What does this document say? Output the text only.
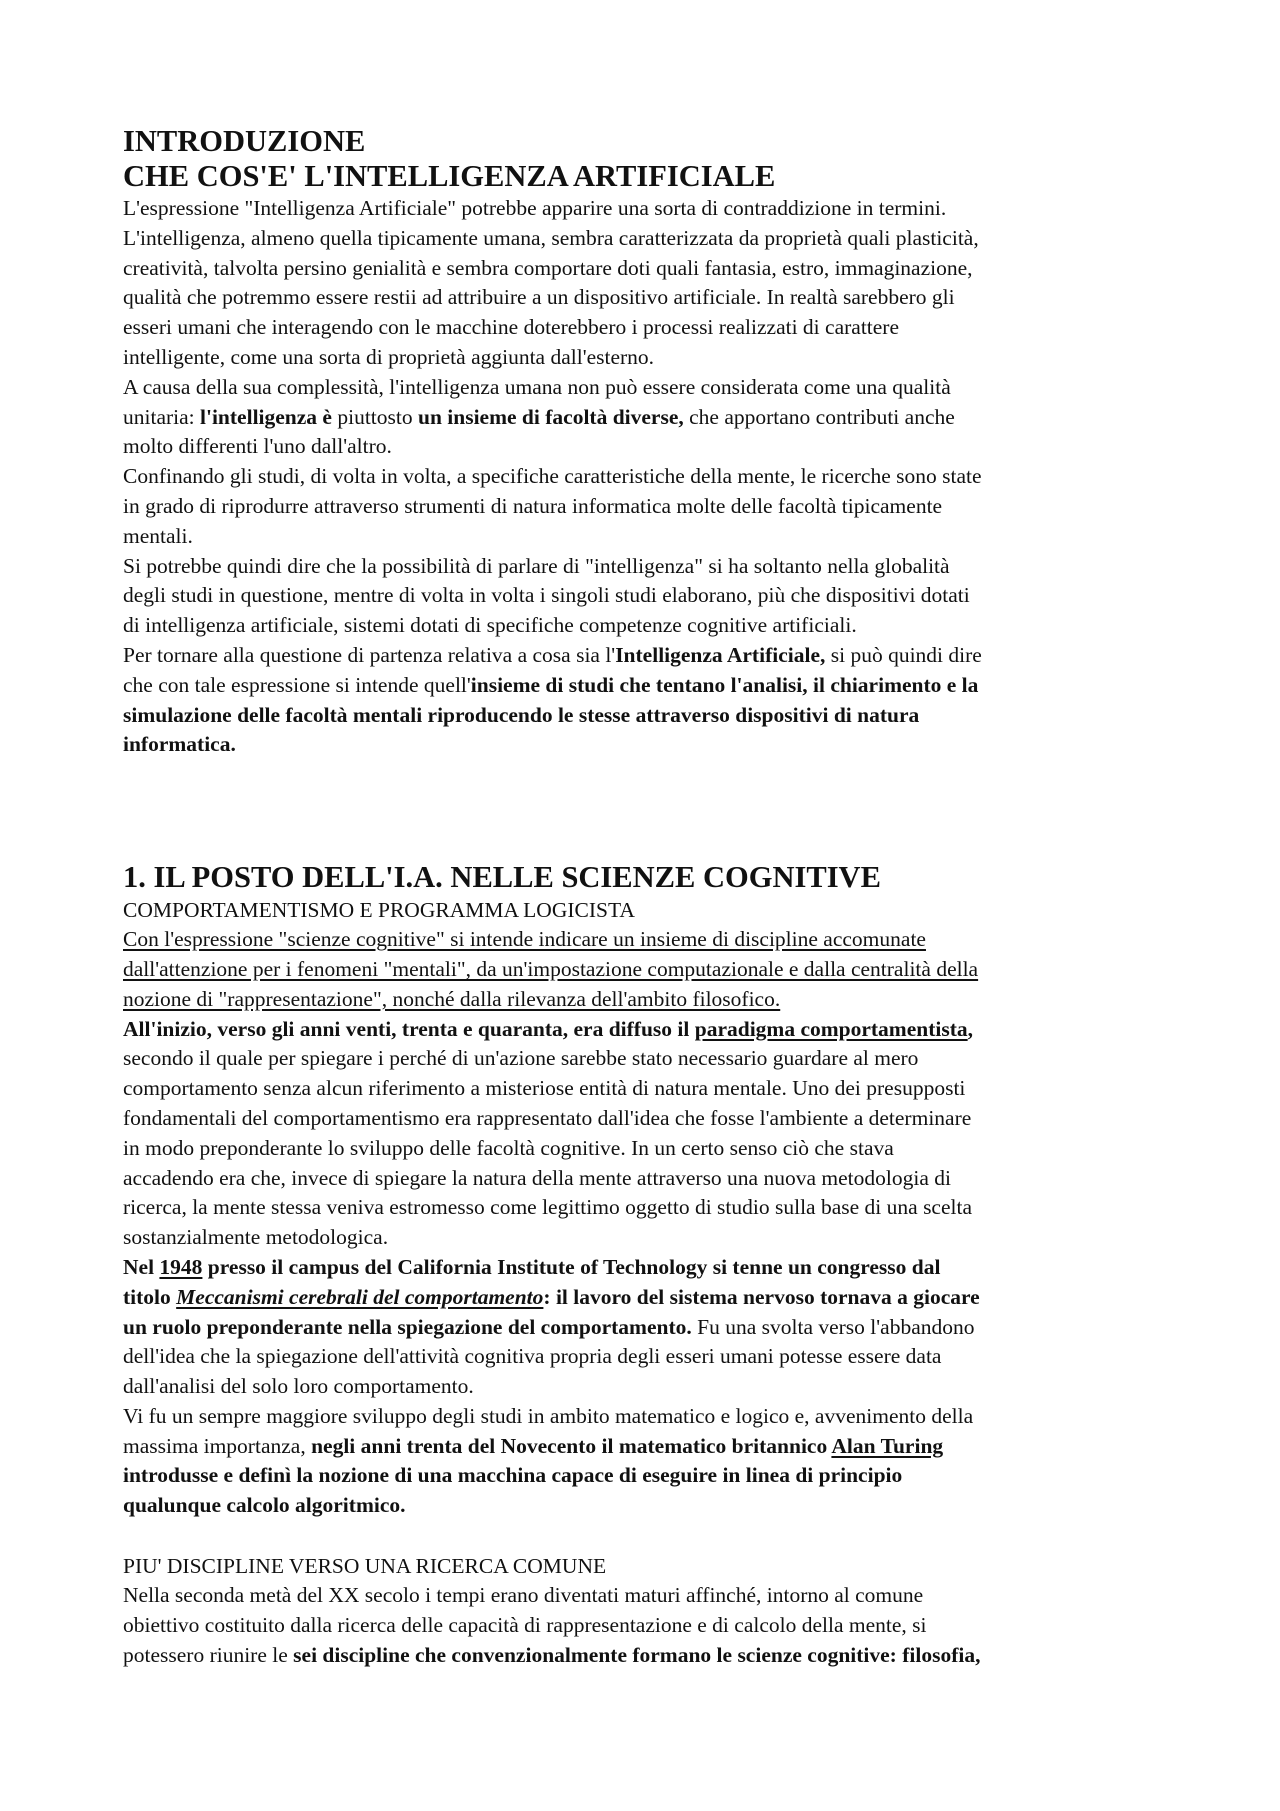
INTRODUZIONE
CHE COS'E' L'INTELLIGENZA ARTIFICIALE

L'espressione "Intelligenza Artificiale" potrebbe apparire una sorta di contraddizione in termini.
L'intelligenza, almeno quella tipicamente umana, sembra caratterizzata da proprietà quali plasticità,
creatività, talvolta persino genialità e sembra comportare doti quali fantasia, estro, immaginazione,
qualità che potremmo essere restii ad attribuire a un dispositivo artificiale. In realtà sarebbero gli
esseri umani che interagendo con le macchine doterebbero i processi realizzati di carattere
intelligente, come una sorta di proprietà aggiunta dall'esterno.

A causa della sua complessità, l'intelligenza umana non può essere considerata come una qualità
unitaria: l'intelligenza è piuttosto un insieme di facoltà diverse, che apportano contributi anche
molto differenti l'uno dall'altro.

Confinando gli studi, di volta in volta, a specifiche caratteristiche della mente, le ricerche sono state
in grado di riprodurre attraverso strumenti di natura informatica molte delle facoltà tipicamente
mentali.

Si potrebbe quindi dire che la possibilità di parlare di "intelligenza" si ha soltanto nella globalità
degli studi in questione, mentre di volta in volta i singoli studi elaborano, più che dispositivi dotati
di intelligenza artificiale, sistemi dotati di specifiche competenze cognitive artificiali.

Per tornare alla questione di partenza relativa a cosa sia l'Intelligenza Artificiale, si può quindi dire
che con tale espressione si intende quell'insieme di studi che tentano l'analisi, il chiarimento e la
simulazione delle facoltà mentali riproducendo le stesse attraverso dispositivi di natura
informatica.

1. IL POSTO DELL'I.A. NELLE SCIENZE COGNITIVE
COMPORTAMENTISMO E PROGRAMMA LOGICISTA

Con l'espressione "scienze cognitive" si intende indicare un insieme di discipline accomunate
dall'attenzione per i fenomeni "mentali", da un'impostazione computazionale e dalla centralità della
nozione di "rappresentazione", nonché dalla rilevanza dell'ambito filosofico.

All'inizio, verso gli anni venti, trenta e quaranta, era diffuso il paradigma comportamentista,
secondo il quale per spiegare i perché di un'azione sarebbe stato necessario guardare al mero
comportamento senza alcun riferimento a misteriose entità di natura mentale. Uno dei presupposti
fondamentali del comportamentismo era rappresentato dall'idea che fosse l'ambiente a determinare
in modo preponderante lo sviluppo delle facoltà cognitive. In un certo senso ciò che stava
accadendo era che, invece di spiegare la natura della mente attraverso una nuova metodologia di
ricerca, la mente stessa veniva estromesso come legittimo oggetto di studio sulla base di una scelta
sostanzialmente metodologica.

Nel 1948 presso il campus del California Institute of Technology si tenne un congresso dal
titolo Meccanismi cerebrali del comportamento: il lavoro del sistema nervoso tornava a giocare
un ruolo preponderante nella spiegazione del comportamento. Fu una svolta verso l'abbandono
dell'idea che la spiegazione dell'attività cognitiva propria degli esseri umani potesse essere data
dall'analisi del solo loro comportamento.

Vi fu un sempre maggiore sviluppo degli studi in ambito matematico e logico e, avvenimento della
massima importanza, negli anni trenta del Novecento il matematico britannico Alan Turing
introdusse e definì la nozione di una macchina capace di eseguire in linea di principio
qualunque calcolo algoritmico.

PIU' DISCIPLINE VERSO UNA RICERCA COMUNE

Nella seconda metà del XX secolo i tempi erano diventati maturi affinché, intorno al comune
obiettivo costituito dalla ricerca delle capacità di rappresentazione e di calcolo della mente, si
potessero riunire le sei discipline che convenzionalmente formano le scienze cognitive: filosofia,
